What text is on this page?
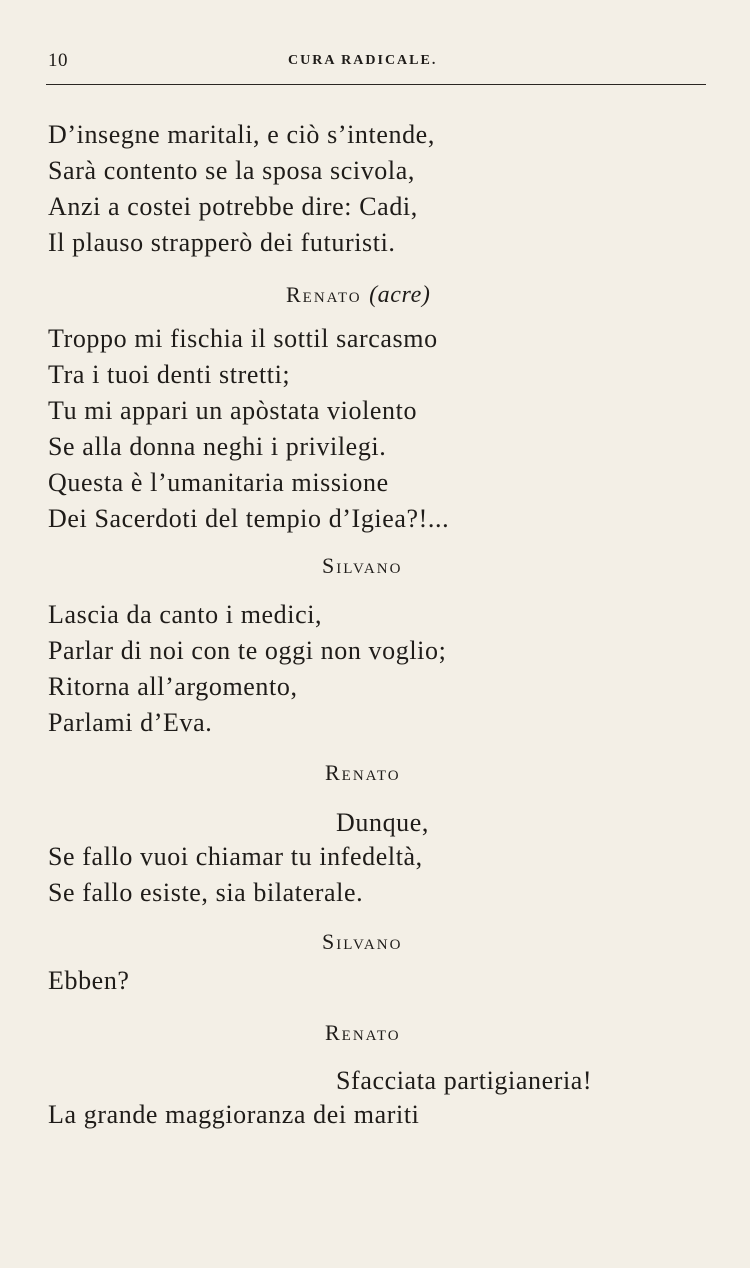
10	CURA RADICALE.
D’insegne maritali, e ciò s’intende,
Sarà contento se la sposa scivola,
Anzi a costei potrebbe dire: Cadi,
Il plauso strapperò dei futuristi.
Renato (acre)
Troppo mi fischia il sottil sarcasmo
Tra i tuoi denti stretti;
Tu mi appari un apòstata violento
Se alla donna neghi i privilegi.
Questa è l’umanitaria missione
Dei Sacerdoti del tempio d’Igiea?!...
Silvano
Lascia da canto i medici,
Parlar di noi con te oggi non voglio;
Ritorna all’argomento,
Parlami d’Eva.
Renato
Dunque,
Se fallo vuoi chiamar tu infedeltà,
Se fallo esiste, sia bilaterale.
Silvano
Ebben?
Renato
Sfacciata partigianeria!
La grande maggioranza dei mariti
